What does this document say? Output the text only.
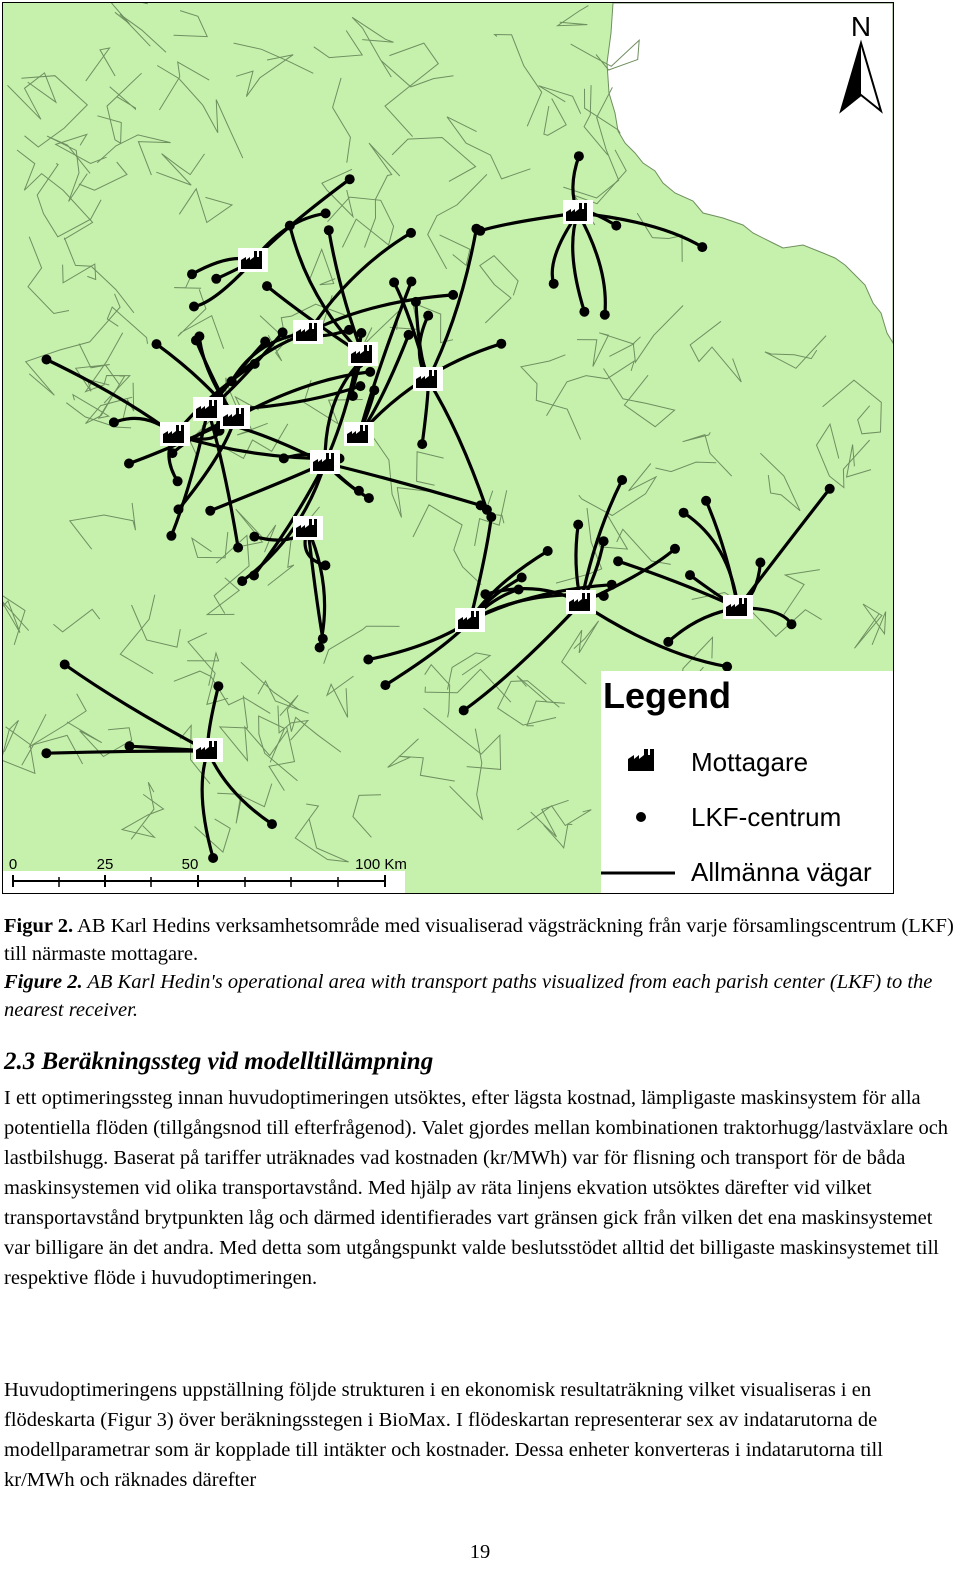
N
0	25	50	100 Km
Legend
Mottagare
LKF-centrum
Allmänna vägar
Figur 2. AB Karl Hedins verksamhetsområde med visualiserad vägsträckning från varje församlingscentrum (LKF) till närmaste mottagare.
Figure 2. AB Karl Hedin's operational area with transport paths visualized from each parish center (LKF) to the nearest receiver.
2.3 Beräkningssteg vid modelltillämpning
I ett optimeringssteg innan huvudoptimeringen utsöktes, efter lägsta kostnad, lämpligaste maskinsystem för alla potentiella flöden (tillgångsnod till efterfrågenod). Valet gjordes mellan kombinationen traktorhugg/lastväxlare och lastbilshugg. Baserat på tariffer uträknades vad kostnaden (kr/MWh) var för flisning och transport för de båda maskinsystemen vid olika transportavstånd. Med hjälp av räta linjens ekvation utsöktes därefter vid vilket transportavstånd brytpunkten låg och därmed identifierades vart gränsen gick från vilken det ena maskinsystemet var billigare än det andra. Med detta som utgångspunkt valde beslutsstödet alltid det billigaste maskinsystemet till respektive flöde i huvudoptimeringen.
Huvudoptimeringens uppställning följde strukturen i en ekonomisk resultaträkning vilket visualiseras i en flödeskarta (Figur 3) över beräkningsstegen i BioMax. I flödeskartan representerar sex av indatarutorna de modellparametrar som är kopplade till intäkter och kostnader. Dessa enheter konverteras i indatarutorna till kr/MWh och räknades därefter
19
